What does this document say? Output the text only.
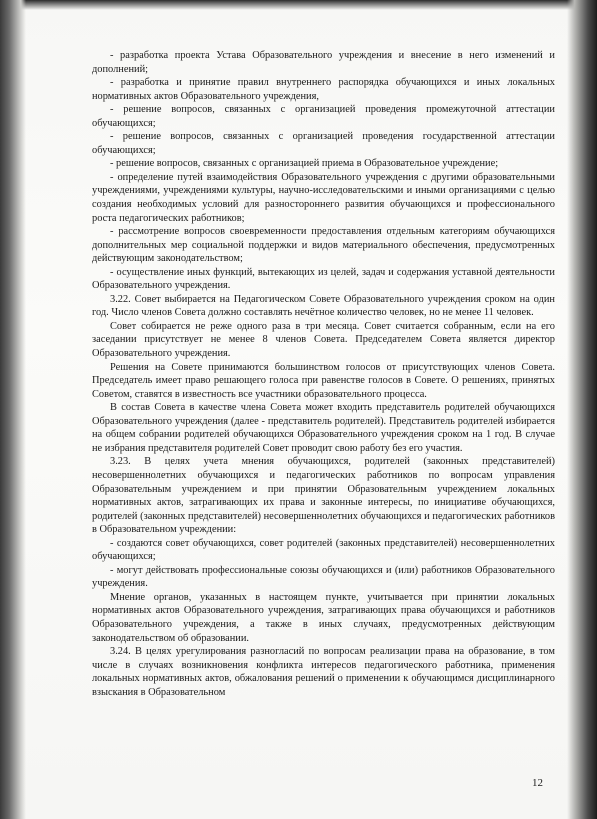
- разработка проекта Устава Образовательного учреждения и внесение в него изменений и дополнений;

- разработка и принятие правил внутреннего распорядка обучающихся и иных локальных нормативных актов Образовательного учреждения,

- решение вопросов, связанных с организацией проведения промежуточной аттестации обучающихся;

- решение вопросов, связанных с организацией проведения государственной аттестации обучающихся;

- решение вопросов, связанных с организацией приема в Образовательное учреждение;

- определение путей взаимодействия Образовательного учреждения с другими образовательными учреждениями, учреждениями культуры, научно-исследовательскими и иными организациями с целью создания необходимых условий для разностороннего развития обучающихся и профессионального роста педагогических работников;

- рассмотрение вопросов своевременности предоставления отдельным категориям обучающихся дополнительных мер социальной поддержки и видов материального обеспечения, предусмотренных действующим законодательством;

- осуществление иных функций, вытекающих из целей, задач и содержания уставной деятельности Образовательного учреждения.

3.22. Совет выбирается на Педагогическом Совете Образовательного учреждения сроком на один год. Число членов Совета должно составлять нечётное количество человек, но не менее 11 человек.

Совет собирается не реже одного раза в три месяца. Совет считается собранным, если на его заседании присутствует не менее 8 членов Совета. Председателем Совета является директор Образовательного учреждения.

Решения на Совете принимаются большинством голосов от присутствующих членов Совета. Председатель имеет право решающего голоса при равенстве голосов в Совете. О решениях, принятых Советом, ставятся в известность все участники образовательного процесса.

В состав Совета в качестве члена Совета может входить представитель родителей обучающихся Образовательного учреждения (далее - представитель родителей). Представитель родителей избирается на общем собрании родителей обучающихся Образовательного учреждения сроком на 1 год. В случае не избрания представителя родителей Совет проводит свою работу без его участия.

3.23. В целях учета мнения обучающихся, родителей (законных представителей) несовершеннолетних обучающихся и педагогических работников по вопросам управления Образовательным учреждением и при принятии Образовательным учреждением локальных нормативных актов, затрагивающих их права и законные интересы, по инициативе обучающихся, родителей (законных представителей) несовершеннолетних обучающихся и педагогических работников в Образовательном учреждении:

- создаются совет обучающихся, совет родителей (законных представителей) несовершеннолетних обучающихся;

- могут действовать профессиональные союзы обучающихся и (или) работников Образовательного учреждения.

Мнение органов, указанных в настоящем пункте, учитывается при принятии локальных нормативных актов Образовательного учреждения, затрагивающих права обучающихся и работников Образовательного учреждения, а также в иных случаях, предусмотренных действующим законодательством об образовании.

3.24. В целях урегулирования разногласий по вопросам реализации права на образование, в том числе в случаях возникновения конфликта интересов педагогического работника, применения локальных нормативных актов, обжалования решений о применении к обучающимся дисциплинарного взыскания в Образовательном

12
